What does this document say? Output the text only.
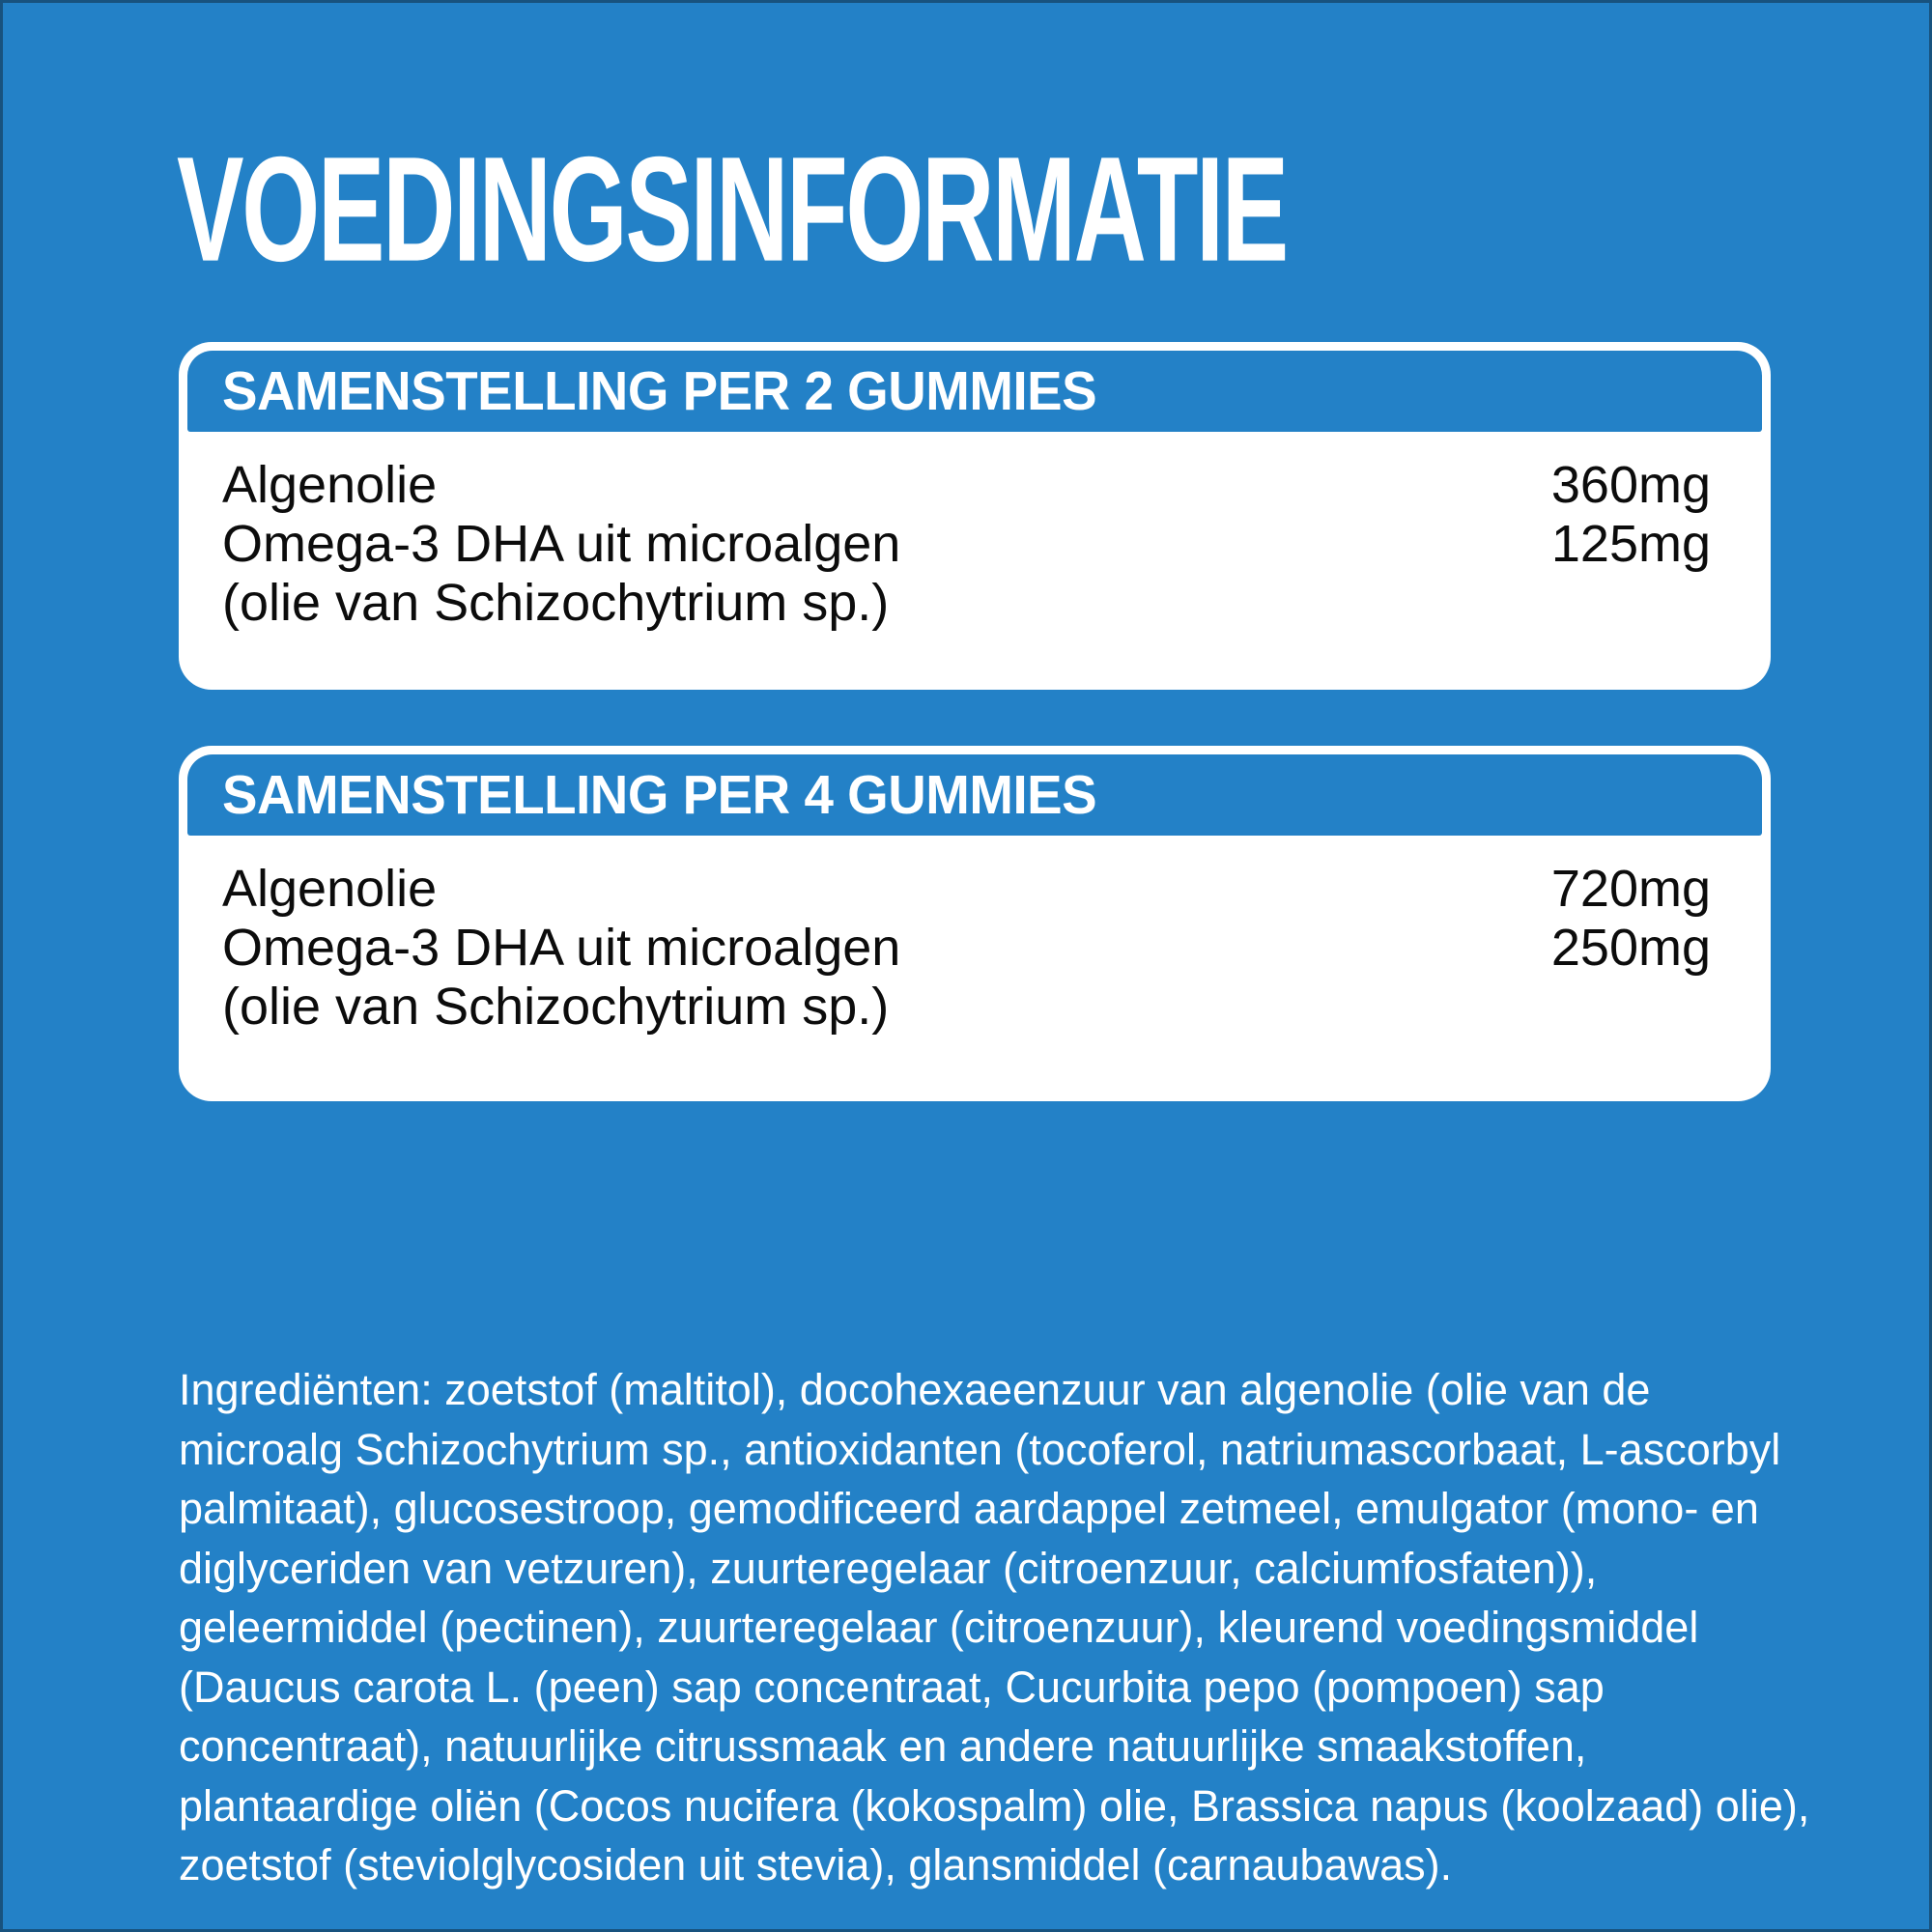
VOEDINGSINFORMATIE
SAMENSTELLING PER 2 GUMMIES
Algenolie	360mg
Omega-3 DHA uit microalgen	125mg
(olie van Schizochytrium sp.)
SAMENSTELLING PER 4 GUMMIES
Algenolie	720mg
Omega-3 DHA uit microalgen	250mg
(olie van Schizochytrium sp.)

Ingrediënten: zoetstof (maltitol), docohexaeenzuur van algenolie (olie van de microalg Schizochytrium sp., antioxidanten (tocoferol, natriumascorbaat, L-ascorbyl palmitaat), glucosestroop, gemodificeerd aardappel zetmeel, emulgator (mono- en diglyceriden van vetzuren), zuurteregelaar (citroenzuur, calciumfosfaten)), geleermiddel (pectinen), zuurteregelaar (citroenzuur), kleurend voedingsmiddel (Daucus carota L. (peen) sap concentraat, Cucurbita pepo (pompoen) sap concentraat), natuurlijke citrussmaak en andere natuurlijke smaakstoffen, plantaardige oliën (Cocos nucifera (kokospalm) olie, Brassica napus (koolzaad) olie), zoetstof (steviolglycosiden uit stevia), glansmiddel (carnaubawas).
